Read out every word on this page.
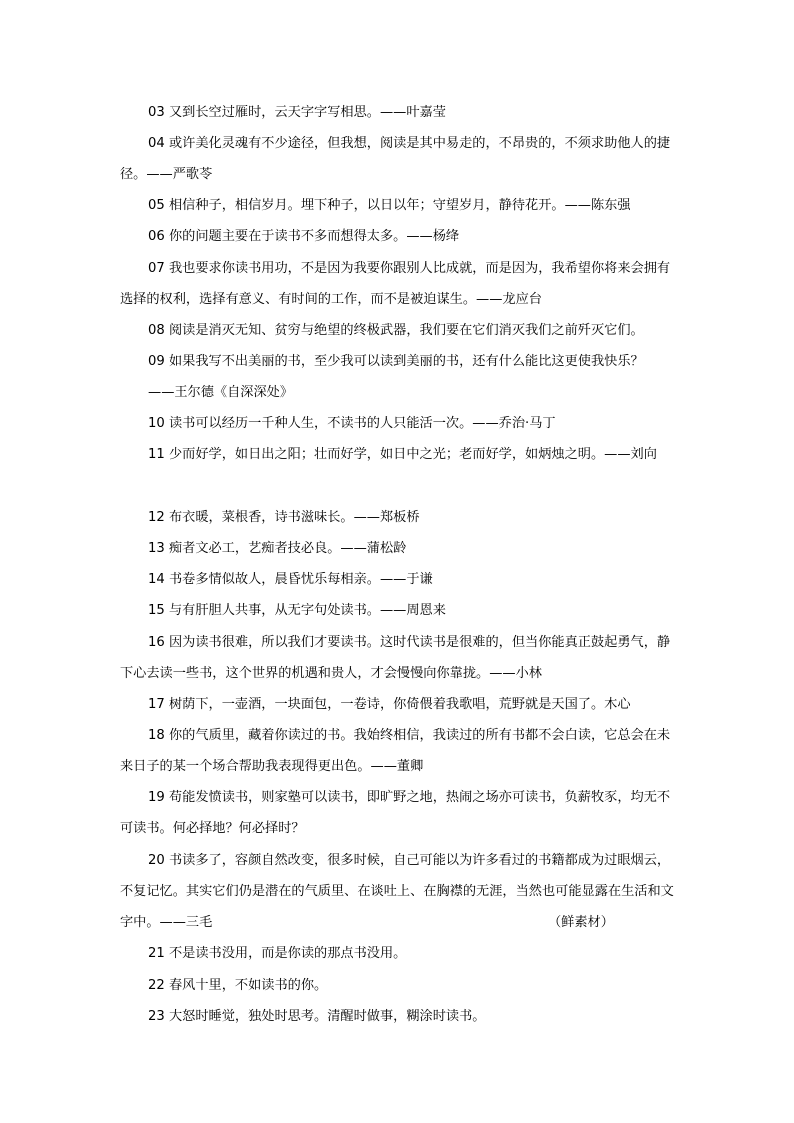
03 又到长空过雁时，云天字字写相思。——叶嘉莹

04 或许美化灵魂有不少途径，但我想，阅读是其中易走的，不昂贵的，不须求助他人的捷径。——严歌苓

05 相信种子，相信岁月。埋下种子，以日以年；守望岁月，静待花开。——陈东强

06 你的问题主要在于读书不多而想得太多。——杨绛

07 我也要求你读书用功，不是因为我要你跟别人比成就，而是因为，我希望你将来会拥有选择的权利，选择有意义、有时间的工作，而不是被迫谋生。——龙应台

08 阅读是消灭无知、贫穷与绝望的终极武器，我们要在它们消灭我们之前歼灭它们。

09 如果我写不出美丽的书，至少我可以读到美丽的书，还有什么能比这更使我快乐？

——王尔德《自深深处》

10 读书可以经历一千种人生，不读书的人只能活一次。——乔治·马丁

11 少而好学，如日出之阳；壮而好学，如日中之光；老而好学，如炳烛之明。——刘向

12 布衣暖，菜根香，诗书滋味长。——郑板桥

13 痴者文必工，艺痴者技必良。——蒲松龄

14 书卷多情似故人，晨昏忧乐每相亲。——于谦

15 与有肝胆人共事，从无字句处读书。——周恩来

16 因为读书很难，所以我们才要读书。这时代读书是很难的，但当你能真正鼓起勇气，静下心去读一些书，这个世界的机遇和贵人，才会慢慢向你靠拢。——小林

17 树荫下，一壶酒，一块面包，一卷诗，你倚偎着我歌唱，荒野就是天国了。木心

18 你的气质里，藏着你读过的书。我始终相信，我读过的所有书都不会白读，它总会在未来日子的某一个场合帮助我表现得更出色。——董卿

19 苟能发愤读书，则家塾可以读书，即旷野之地，热闹之场亦可读书，负薪牧豕，均无不可读书。何必择地？何必择时？

20 书读多了，容颜自然改变，很多时候，自己可能以为许多看过的书籍都成为过眼烟云，不复记忆。其实它们仍是潜在的气质里、在谈吐上、在胸襟的无涯，当然也可能显露在生活和文字中。——三毛	（鲜素材）

21 不是读书没用，而是你读的那点书没用。

22 春风十里，不如读书的你。

23 大怒时睡觉，独处时思考。清醒时做事，糊涂时读书。
